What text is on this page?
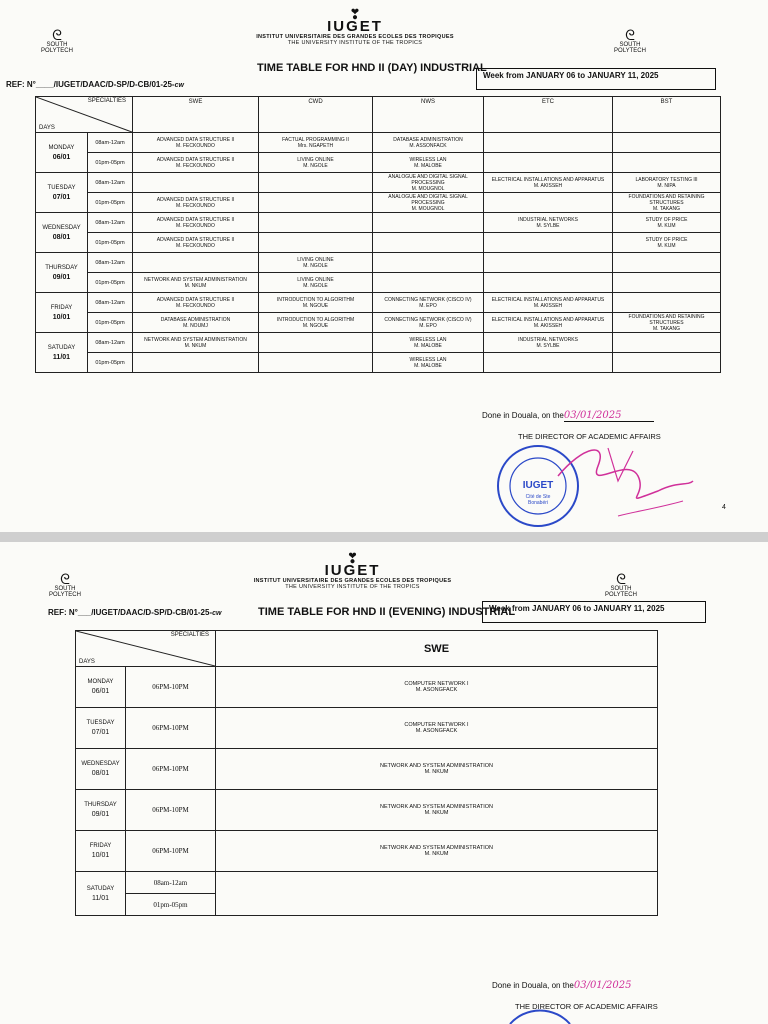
ᘓ
SOUTH POLYTECH
ᘓ
SOUTH POLYTECH
❣
IUGET
INSTITUT UNIVERSITAIRE DES GRANDES ECOLES DES TROPIQUES
THE UNIVERSITY INSTITUTE OF THE TROPICS
REF: N°____/IUGET/DAAC/D-SP/D-CB/01-25-cw
TIME TABLE FOR HND II (DAY) INDUSTRIAL
Week from JANUARY 06 to JANUARY 11, 2025
SPECIALTIES
DAYS		SWE	CWD	NWS	ETC	BST

MONDAY
06/01	08am-12am	ADVANCED DATA STRUCTURE II
M. FECKOUNDO	FACTUAL PROGRAMMING II
Mrs. NGAPETH	DATABASE ADMINISTRATION
M. ASSONFACK		
	01pm-05pm	ADVANCED DATA STRUCTURE II
M. FECKOUNDO	LIVING ONLINE
M. NGOLE	WIRELESS LAN
M. MALOBE		

TUESDAY
07/01	08am-12am			ANALOGUE AND DIGITAL SIGNAL PROCESSING
M. MOUGNOL	ELECTRICAL INSTALLATIONS AND APPARATUS
M. AKISSEH	LABORATORY TESTING III
M. NIPA
	01pm-05pm	ADVANCED DATA STRUCTURE II
M. FECKOUNDO		ANALOGUE AND DIGITAL SIGNAL PROCESSING
M. MOUGNOL		FOUNDATIONS AND RETAINING STRUCTURES
M. TAKANG

WEDNESDAY
08/01	08am-12am	ADVANCED DATA STRUCTURE II
M. FECKOUNDO			INDUSTRIAL NETWORKS
M. SYLBE	STUDY OF PRICE
M. KUM
	01pm-05pm	ADVANCED DATA STRUCTURE II
M. FECKOUNDO				STUDY OF PRICE
M. KUM

THURSDAY
09/01	08am-12am		LIVING ONLINE
M. NGOLE			
	01pm-05pm	NETWORK AND SYSTEM ADMINISTRATION
M. NKUM	LIVING ONLINE
M. NGOLE			

FRIDAY
10/01	08am-12am	ADVANCED DATA STRUCTURE II
M. FECKOUNDO	INTRODUCTION TO ALGORITHM
M. NGOUE	CONNECTING NETWORK (CISCO IV)
M. EPO	ELECTRICAL INSTALLATIONS AND APPARATUS
M. AKISSEH	
	01pm-05pm	DATABASE ADMINISTRATION
M. NOUMJ	INTRODUCTION TO ALGORITHM
M. NGOUE	CONNECTING NETWORK (CISCO IV)
M. EPO	ELECTRICAL INSTALLATIONS AND APPARATUS
M. AKISSEH	FOUNDATIONS AND RETAINING STRUCTURES
M. TAKANG

SATUDAY
11/01	08am-12am	NETWORK AND SYSTEM ADMINISTRATION
M. NKUM		WIRELESS LAN
M. MALOBE	INDUSTRIAL NETWORKS
M. SYLBE	
	01pm-05pm			WIRELESS LAN
M. MALOBE		
Done in Douala, on the03/01/2025
THE DIRECTOR OF ACADEMIC AFFAIRS
IUGET
Cité de Ste
Bonabéri
4
ᘓ
SOUTH POLYTECH
ᘓ
SOUTH POLYTECH
❣
IUGET
INSTITUT UNIVERSITAIRE DES GRANDES ECOLES DES TROPIQUES
THE UNIVERSITY INSTITUTE OF THE TROPICS
REF: N°___/IUGET/DAAC/D-SP/D-CB/01-25-cw	TIME TABLE FOR HND II (EVENING) INDUSTRIAL
Week from JANUARY 06 to JANUARY 11, 2025
SPECIALTIES
DAYS		SWE

MONDAY
06/01	06PM-10PM	COMPUTER NETWORK I
M. ASONGFACK

TUESDAY
07/01	06PM-10PM	COMPUTER NETWORK I
M. ASONGFACK

WEDNESDAY
08/01	06PM-10PM	NETWORK AND SYSTEM ADMINISTRATION
M. NKUM

THURSDAY
09/01	06PM-10PM	NETWORK AND SYSTEM ADMINISTRATION
M. NKUM

FRIDAY
10/01	06PM-10PM	NETWORK AND SYSTEM ADMINISTRATION
M. NKUM

SATUDAY
11/01	08am-12am	
	01pm-05pm	
Done in Douala, on the03/01/2025
THE DIRECTOR OF ACADEMIC AFFAIRS
